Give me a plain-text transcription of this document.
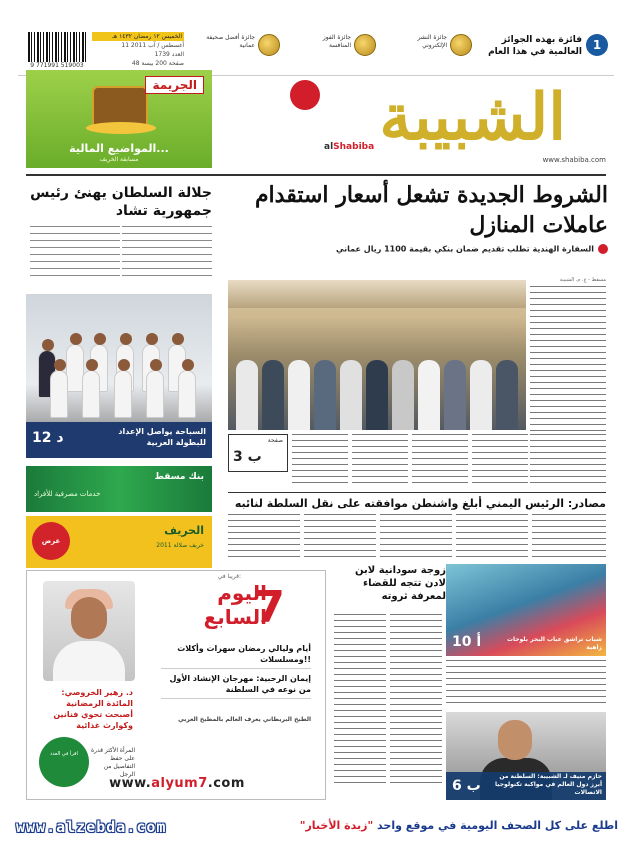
9 771991 519003
الخميس ١٢ رمضان ١٤٣٢ هـ
11 أغسطس / آب 2011
العدد 1739
48 صفحة 200 بيسة
جائزة أفضل صحيفة
عمانية
جائزة الفوز
المنافسة
جائزة النشر
الإلكتروني
فائزة بهذه الجوائز العالمية في هذا العام 1
الجريمة
المواضيع المالية...
مسابقة الخريف
الشبيبة
alShabiba
www.shabiba.com
جلالة السلطان يهنئ رئيس جمهورية تشاد

12 د	السباحة يواصل الإعداد للبطولة العربية
بنك مسقط
خدمات مصرفية للأفراد
عرض
الحريف
خريف صلالة 2011
الشروط الجديدة تشعل أسعار استقدام عاملات المنازل
السفارة الهندية تطلب تقديم ضمان بنكي بقيمة 1100 ريال عماني
مسقط - ع. م. الشبيبة
صفحة
3 ب
مصادر: الرئيس اليمني أبلغ واشنطن موافقته على نقل السلطة لنائبه
قريبا في:
7
اليوم
السابع
أيام وليالي رمضان سهرات وأكلات ومسلسلات!!
إيمان الرحبية: مهرجان الإنشاد الأول من نوعه في السلطنة
الطبخ البريطاني يعرف العالم بالمطبخ العربي
د. زهير الخروصي: المائدة الرمضانية أصبحت تحوي فنانين وكوارث غذائية
اقرأ في العدد	المرأة الأكثر قدرة على حفظ التفاصيل من الرجل
www.alyum7.com
زوجة سودانية لابن لادن تتجه للقضاء لمعرفة ثروته
10 أ	شباب تراشق عباب البحر بلوحات زاهية
6 ب
حازم منيف لـ الشبيبة: السلطنة من أبرز دول العالم في مواكبة تكنولوجيا الاتصالات
www.alzebda.com	اطلع على كل الصحف اليومية في موقع واحد "زبدة الأخبار"
